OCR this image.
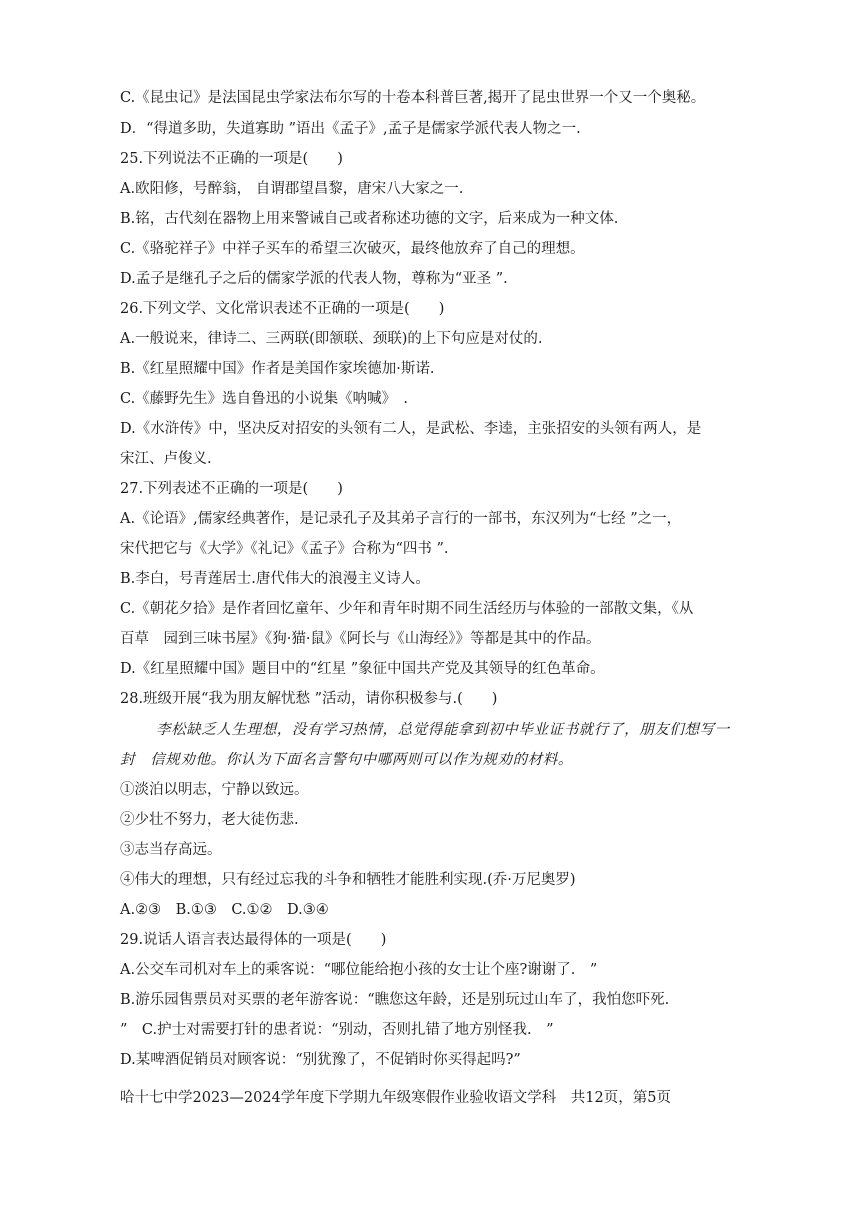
C.《昆虫记》是法国昆虫学家法布尔写的十卷本科普巨著,揭开了昆虫世界一个又一个奥秘。
D．“得道多助，失道寡助 ”语出《孟子》,孟子是儒家学派代表人物之一.
25.下列说法不正确的一项是(　　)
A.欧阳修，号醉翁， 自谓郡望昌黎，唐宋八大家之一.
B.铭，古代刻在器物上用来警诫自己或者称述功德的文字，后来成为一种文体.
C.《骆驼祥子》中祥子买车的希望三次破灭，最终他放弃了自己的理想。
D.孟子是继孔子之后的儒家学派的代表人物，尊称为“亚圣 ”.
26.下列文学、文化常识表述不正确的一项是(　　)
A.一般说来，律诗二、三两联(即颔联、颈联)的上下句应是对仗的.
B.《红星照耀中国》作者是美国作家埃德加·斯诺.
C.《藤野先生》选自鲁迅的小说集《呐喊》　.
D.《水浒传》中，坚决反对招安的头领有二人，是武松、李逵，主张招安的头领有两人，是
宋江、卢俊义.
27.下列表述不正确的一项是(　　)
A.《论语》,儒家经典著作，是记录孔子及其弟子言行的一部书，东汉列为“七经 ”之一，
宋代把它与《大学》《礼记》《孟子》合称为“四书 ”.
B.李白，号青莲居士.唐代伟大的浪漫主义诗人。
C.《朝花夕拾》是作者回忆童年、少年和青年时期不同生活经历与体验的一部散文集，《从
百草　园到三味书屋》《狗·猫·鼠》《阿长与《山海经》》等都是其中的作品。
D.《红星照耀中国》题目中的“红星 ”象征中国共产党及其领导的红色革命。
28.班级开展“我为朋友解忧愁 ”活动，请你积极参与.(　　)
李松缺乏人生理想，没有学习热情，总觉得能拿到初中毕业证书就行了，朋友们想写一
封　信规劝他。你认为下面名言警句中哪两则可以作为规劝的材料。
①淡泊以明志，宁静以致远。
②少壮不努力，老大徒伤悲.
③志当存高远。
④伟大的理想，只有经过忘我的斗争和牺牲才能胜利实现.(乔·万尼奥罗)
A.②③　B.①③　C.①②　D.③④
29.说话人语言表达最得体的一项是(　　)
A.公交车司机对车上的乘客说：“哪位能给抱小孩的女士让个座?谢谢了.　”
B.游乐园售票员对买票的老年游客说：“瞧您这年龄，还是别玩过山车了，我怕您吓死.
”　C.护士对需要打针的患者说：“别动，否则扎错了地方别怪我.　”
D.某啤酒促销员对顾客说：“别犹豫了，不促销时你买得起吗?”
哈十七中学2023—2024学年度下学期九年级寒假作业验收语文学科　共12页，第5页
